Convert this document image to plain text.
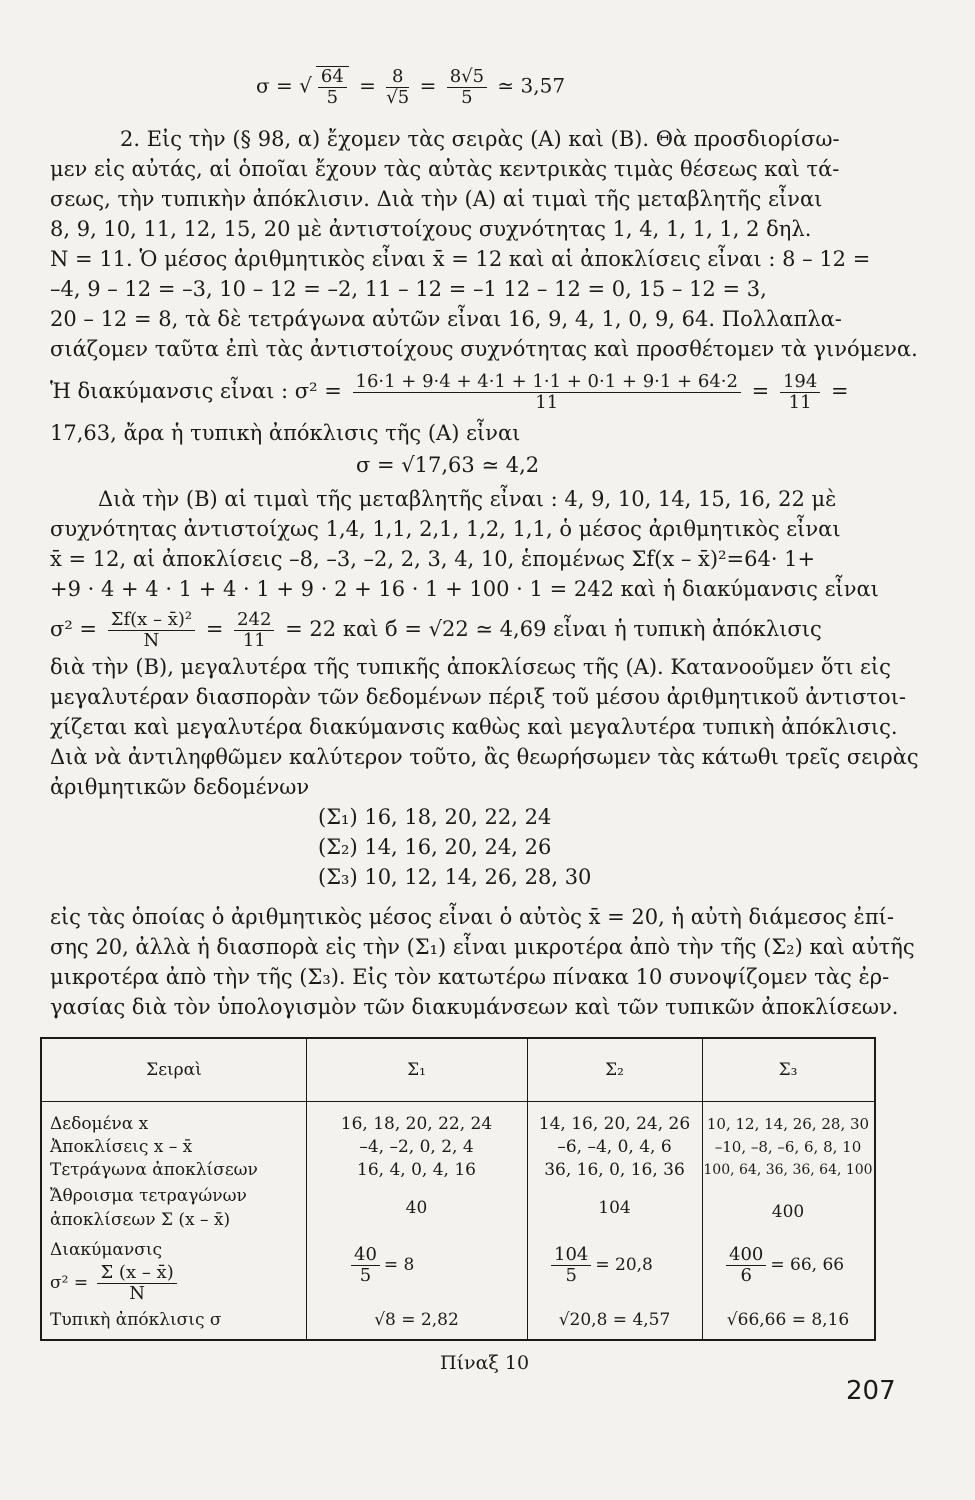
σ = √ $\frac{64}{5} = \frac{8}{√5} = \frac{8√5}{5}$ ≃ 3,57
2. Εἰς τὴν (§ 98, α) ἔχομεν τὰς σειρὰς (Α) καὶ (Β). Θὰ προσδιορίσω-
μεν εἰς αὐτάς, αἱ ὁποῖαι ἔχουν τὰς αὐτὰς κεντρικὰς τιμὰς θέσεως καὶ τά-
σεως, τὴν τυπικὴν ἀπόκλισιν. Διὰ τὴν (Α) αἱ τιμαὶ τῆς μεταβλητῆς εἶναι
8, 9, 10, 11, 12, 15, 20 μὲ ἀντιστοίχους συχνότητας 1, 4, 1, 1, 1, 2 δηλ.
Ν = 11. Ὁ μέσος ἀριθμητικὸς εἶναι x̄ = 12 καὶ αἱ ἀποκλίσεις εἶναι : 8 – 12 =
–4, 9 – 12 = –3, 10 – 12 = –2, 11 – 12 = –1 12 – 12 = 0, 15 – 12 = 3,
20 – 12 = 8, τὰ δὲ τετράγωνα αὐτῶν εἶναι 16, 9, 4, 1, 0, 9, 64. Πολλαπλα-
σιάζομεν ταῦτα ἐπὶ τὰς ἀντιστοίχους συχνότητας καὶ προσθέτομεν τὰ γινόμενα.
Ἡ διακύμανσις εἶναι : $\sigma^2 = \frac{16\cdot 1 + 9\cdot 4 + 4\cdot 1 + 1\cdot 1 + 0\cdot 1 + 9\cdot 1 + 64\cdot 2}{11} = \frac{194}{11}$ =
17,63, ἄρα ἡ τυπικὴ ἀπόκλισις τῆς (Α) εἶναι
σ = √17,63 ≃ 4,2
Διὰ τὴν (Β) αἱ τιμαὶ τῆς μεταβλητῆς εἶναι : 4, 9, 10, 14, 15, 16, 22 μὲ
συχνότητας ἀντιστοίχως 1,4, 1,1, 2,1, 1,2, 1,1, ὁ μέσος ἀριθμητικὸς εἶναι
x̄ = 12, αἱ ἀποκλίσεις –8, –3, –2, 2, 3, 4, 10, ἑπομένως Σf(x – x̄)²=64· 1+
+9 · 4 + 4 · 1 + 4 · 1 + 9 · 2 + 16 · 1 + 100 · 1 = 242 καὶ ἡ διακύμανσις εἶναι
$\sigma^2 = \frac{\text{Σf(x – x̄)²}}{N} = \frac{242}{11} = 22$ καὶ б = √22 ≃ 4,69 εἶναι ἡ τυπικὴ ἀπόκλισις
διὰ τὴν (Β), μεγαλυτέρα τῆς τυπικῆς ἀποκλίσεως τῆς (Α). Κατανοοῦμεν ὅτι εἰς
μεγαλυτέραν διασπορὰν τῶν δεδομένων πέριξ τοῦ μέσου ἀριθμητικοῦ ἀντιστοι-
χίζεται καὶ μεγαλυτέρα διακύμανσις καθὼς καὶ μεγαλυτέρα τυπικὴ ἀπόκλισις.
Διὰ νὰ ἀντιληφθῶμεν καλύτερον τοῦτο, ἂς θεωρήσωμεν τὰς κάτωθι τρεῖς σειρὰς
ἀριθμητικῶν δεδομένων
(Σ₁) 16, 18, 20, 22, 24
(Σ₂) 14, 16, 20, 24, 26
(Σ₃) 10, 12, 14, 26, 28, 30
εἰς τὰς ὁποίας ὁ ἀριθμητικὸς μέσος εἶναι ὁ αὐτὸς x̄ = 20, ἡ αὐτὴ διάμεσος ἐπί-
σης 20, ἀλλὰ ἡ διασπορὰ εἰς τὴν (Σ₁) εἶναι μικροτέρα ἀπὸ τὴν τῆς (Σ₂) καὶ αὐτῆς
μικροτέρα ἀπὸ τὴν τῆς (Σ₃). Εἰς τὸν κατωτέρω πίνακα 10 συνοψίζομεν τὰς ἐρ-
γασίας διὰ τὸν ὑπολογισμὸν τῶν διακυμάνσεων καὶ τῶν τυπικῶν ἀποκλίσεων.
Σειραὶ	Σ₁	Σ₂	Σ₃
Δεδομένα x	16, 18, 20, 22, 24	14, 16, 20, 24, 26	10, 12, 14, 26, 28, 30
Ἀποκλίσεις x – x̄	–4, –2, 0, 2, 4	–6, –4, 0, 4, 6	–10, –8, –6, 6, 8, 10
Τετράγωνα ἀποκλίσεων	16, 4, 0, 4, 16	36, 16, 0, 16, 36	100, 64, 36, 36, 64, 100
Ἄθροισμα τετραγώνων
ἀποκλίσεων Σ (x – x̄)
40	104	400
Διακύμανσις	$\frac{40}{5} = 8$	$\frac{104}{5} = 20,8$	$\frac{400}{6} = 66$, 66
$\sigma^2 = \frac{\Sigma (x - x̄)}{N}$
Τυπικὴ ἀπόκλισις σ	√8 = 2,82	√20,8 = 4,57	√66,66 = 8,16
Πίναξ 10
207
